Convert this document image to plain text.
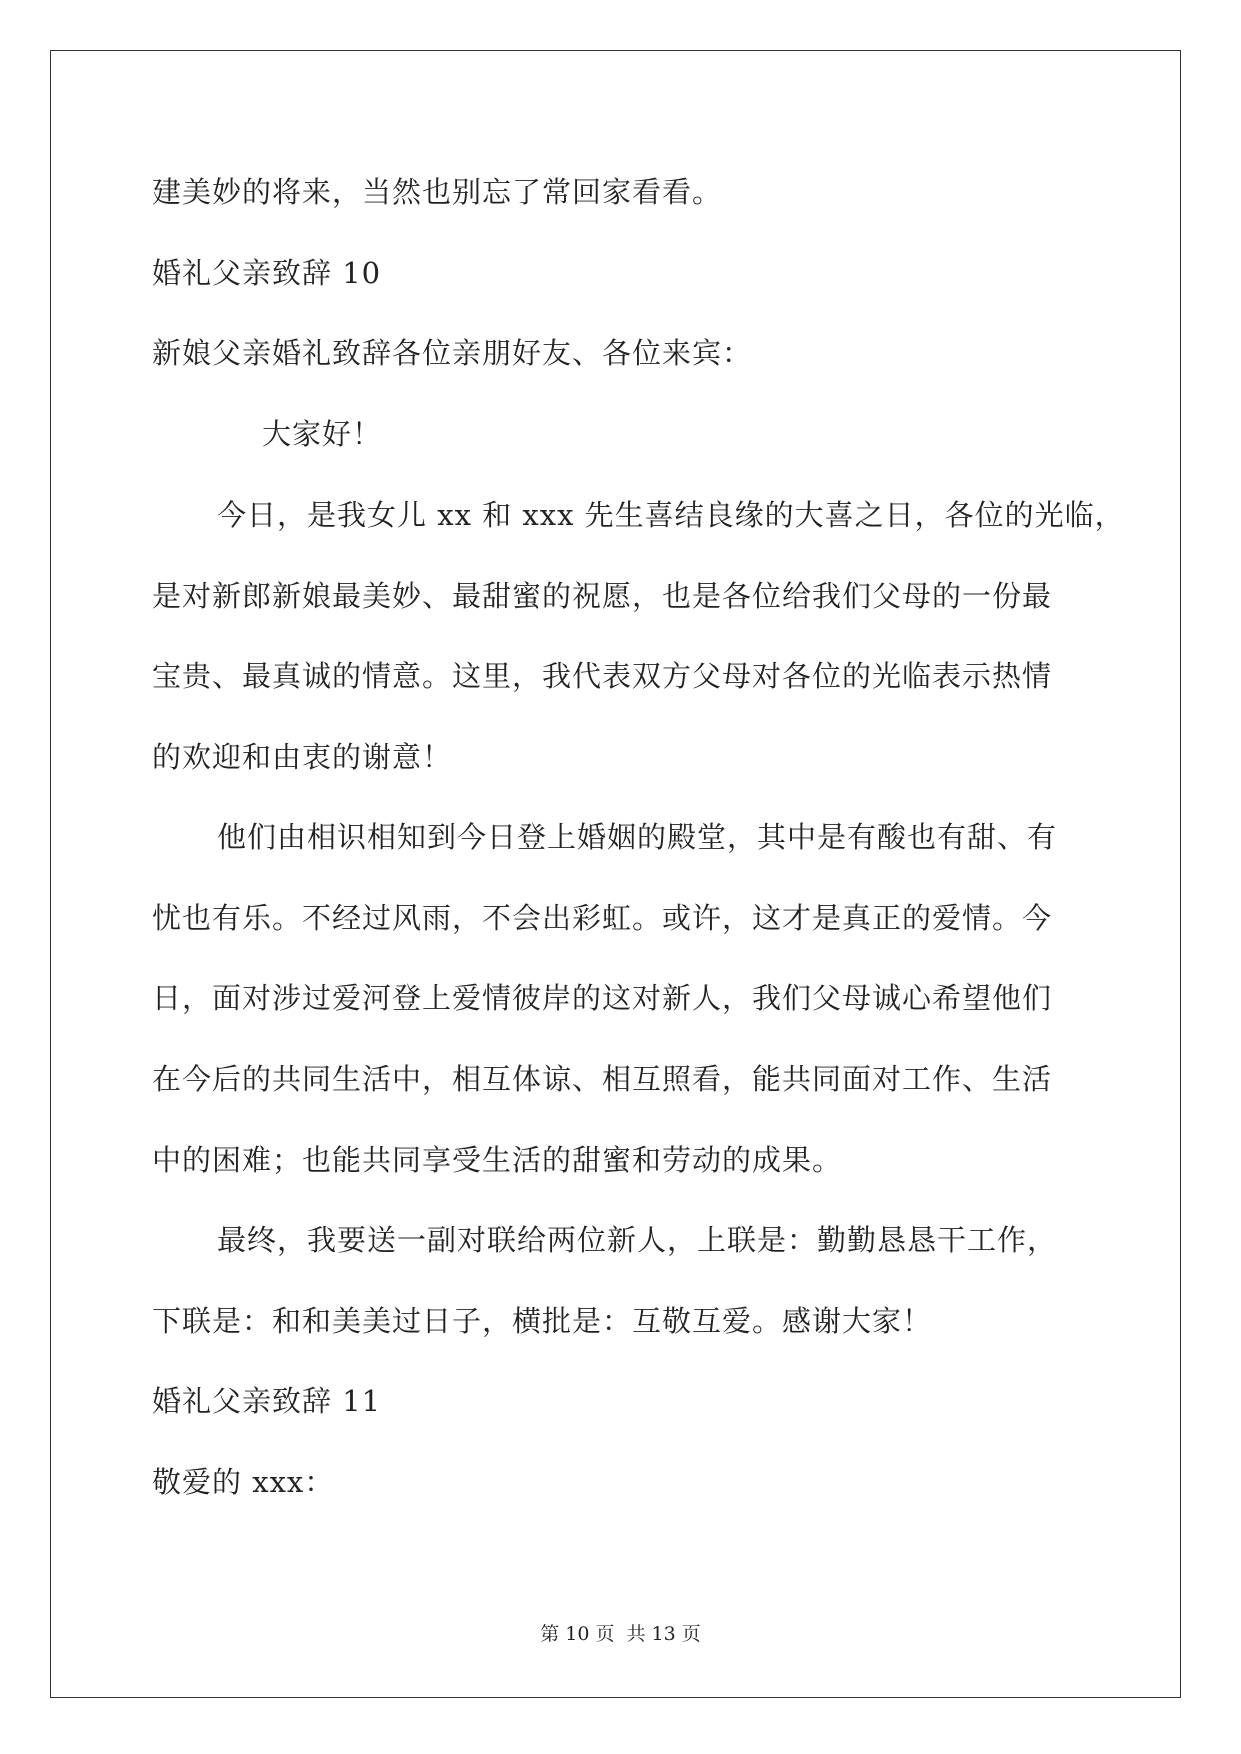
建美妙的将来，当然也别忘了常回家看看。
婚礼父亲致辞 10
新娘父亲婚礼致辞各位亲朋好友、各位来宾：
大家好！
今日，是我女儿 xx 和 xxx 先生喜结良缘的大喜之日，各位的光临，
是对新郎新娘最美妙、最甜蜜的祝愿，也是各位给我们父母的一份最
宝贵、最真诚的情意。这里，我代表双方父母对各位的光临表示热情
的欢迎和由衷的谢意！
他们由相识相知到今日登上婚姻的殿堂，其中是有酸也有甜、有
忧也有乐。不经过风雨，不会出彩虹。或许，这才是真正的爱情。今
日，面对涉过爱河登上爱情彼岸的这对新人，我们父母诚心希望他们
在今后的共同生活中，相互体谅、相互照看，能共同面对工作、生活
中的困难；也能共同享受生活的甜蜜和劳动的成果。
最终，我要送一副对联给两位新人，上联是：勤勤恳恳干工作，
下联是：和和美美过日子，横批是：互敬互爱。感谢大家！
婚礼父亲致辞 11
敬爱的 xxx：
第 10 页 共 13 页
